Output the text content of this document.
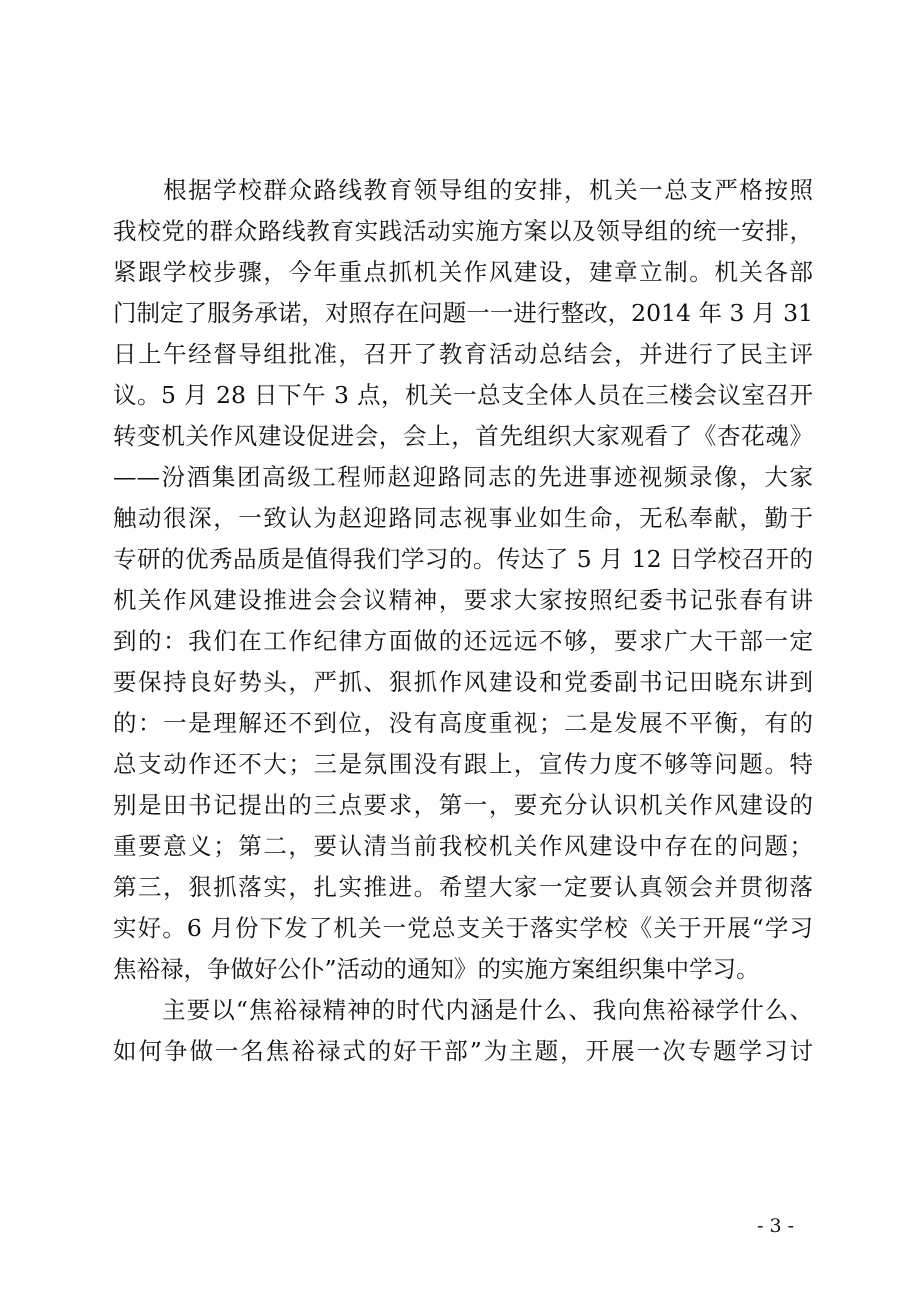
　　根据学校群众路线教育领导组的安排，机关一总支严格按照
我校党的群众路线教育实践活动实施方案以及领导组的统一安排，
紧跟学校步骤，今年重点抓机关作风建设，建章立制。机关各部
门制定了服务承诺，对照存在问题一一进行整改，2014 年 3 月 31
日上午经督导组批准，召开了教育活动总结会，并进行了民主评
议。5 月 28 日下午 3 点，机关一总支全体人员在三楼会议室召开
转变机关作风建设促进会，会上，首先组织大家观看了《杏花魂》
——汾酒集团高级工程师赵迎路同志的先进事迹视频录像，大家
触动很深，一致认为赵迎路同志视事业如生命，无私奉献，勤于
专研的优秀品质是值得我们学习的。传达了 5 月 12 日学校召开的
机关作风建设推进会会议精神，要求大家按照纪委书记张春有讲
到的：我们在工作纪律方面做的还远远不够，要求广大干部一定
要保持良好势头，严抓、狠抓作风建设和党委副书记田晓东讲到
的：一是理解还不到位，没有高度重视；二是发展不平衡，有的
总支动作还不大；三是氛围没有跟上，宣传力度不够等问题。特
别是田书记提出的三点要求，第一，要充分认识机关作风建设的
重要意义；第二，要认清当前我校机关作风建设中存在的问题；
第三，狠抓落实，扎实推进。希望大家一定要认真领会并贯彻落
实好。6 月份下发了机关一党总支关于落实学校《关于开展“学习
焦裕禄，争做好公仆”活动的通知》的实施方案组织集中学习。
　　主要以“焦裕禄精神的时代内涵是什么、我向焦裕禄学什么、
如何争做一名焦裕禄式的好干部”为主题，开展一次专题学习讨
- 3 -
